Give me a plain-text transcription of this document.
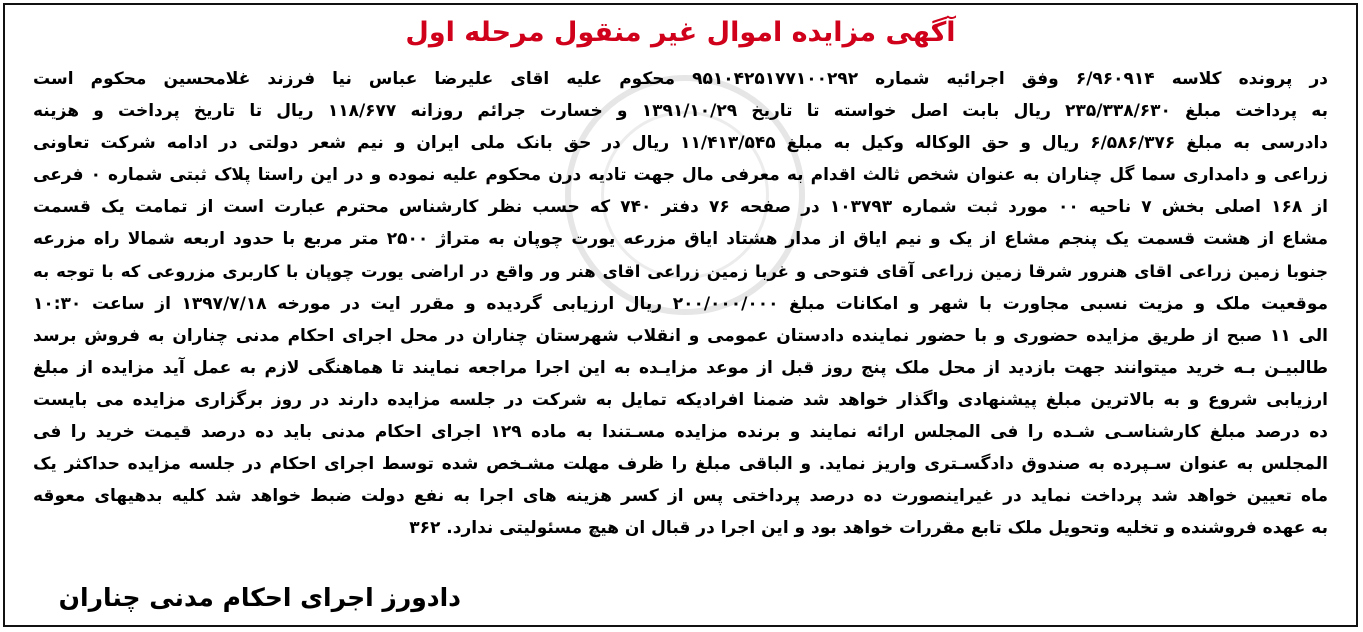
آگهی مزایده اموال غیر منقول مرحله اول
در پرونده کلاسه ۶/۹۶۰۹۱۴ وفق اجرائیه شماره ۹۵۱۰۴۲۵۱۷۷۱۰۰۲۹۲ محکوم علیه اقای علیرضا عباس نیا فرزند غلامحسین محکوم است
به پرداخت مبلغ ۲۳۵/۳۳۸/۶۳۰ ریال بابت اصل خواسته تا تاریخ ۱۳۹۱/۱۰/۲۹ و خسارت جرائم روزانه ۱۱۸/۶۷۷ ریال تا تاریخ پرداخت و هزینه
دادرسی به مبلغ ۶/۵۸۶/۳۷۶ ریال و حق الوکاله وکیل به مبلغ ۱۱/۴۱۳/۵۴۵ ریال در حق بانک ملی ایران و نیم شعر دولتی در ادامه شرکت تعاونی
زراعی و دامداری سما گل چناران به عنوان شخص ثالث اقدام به معرفی مال جهت تادیه درن محکوم علیه نموده و در این راستا پلاک ثبتی شماره ۰ فرعی
از ۱۶۸ اصلی بخش ۷ ناحیه ۰۰ مورد ثبت شماره ۱۰۳۷۹۳ در صفحه ۷۶ دفتر ۷۴۰ که حسب نظر کارشناس محترم عبارت است از تمامت یک قسمت
مشاع از هشت قسمت یک پنجم مشاع از یک و نیم ایاق از مدار هشتاد ایاق مزرعه یورت چوپان به متراژ ۲۵۰۰ متر مربع با حدود اربعه شمالا راه مزرعه
جنوبا زمین زراعی اقای هنرور شرقا زمین زراعی آقای فتوحی و غربا زمین زراعی اقای هنر ور واقع در اراضی یورت چوپان با کاربری مزروعی که با توجه به
موقعیت ملک و مزیت نسبی مجاورت با شهر و امکانات مبلغ ۲۰۰/۰۰۰/۰۰۰ ریال ارزیابی گردیده و مقرر ایت در مورخه ۱۳۹۷/۷/۱۸ از ساعت ۱۰:۳۰
الی ۱۱ صبح از طریق مزایده حضوری و با حضور نماینده دادستان عمومی و انقلاب شهرستان چناران در محل اجرای احکام مدنی چناران به فروش برسد
طالبیـن بـه خرید میتوانند جهت بازدید از محل ملک پنج روز قبل از موعد مزایـده به این اجرا مراجعه نمایند تا هماهنگی لازم به عمل آید مزایده از مبلغ
ارزیابی شروع و به بالاترین مبلغ پیشنهادی واگذار خواهد شد ضمنا افرادیکه تمایل به شرکت در جلسه مزایده دارند در روز برگزاری مزایده می بایست
ده درصد مبلغ کارشناسـی شـده را فی المجلس ارائه نمایند و برنده مزایده مسـتندا به ماده ۱۲۹ اجرای احکام مدنی باید ده درصد قیمت خرید را فی
المجلس به عنوان سـپرده به صندوق دادگسـتری واریز نماید. و الباقی مبلغ را ظرف مهلت مشـخص شده توسط اجرای احکام در جلسه مزایده حداکثر یک
ماه تعیین خواهد شد پرداخت نماید در غیراینصورت ده درصد پرداختی پس از کسر هزینه های اجرا به نفع دولت ضبط خواهد شد کلیه بدهیهای معوقه
به عهده فروشنده و تخلیه وتحویل ملک تابع مقررات خواهد بود و این اجرا در قبال ان هیچ مسئولیتی ندارد. ۳۶۲
دادورز اجرای احکام مدنی چناران
